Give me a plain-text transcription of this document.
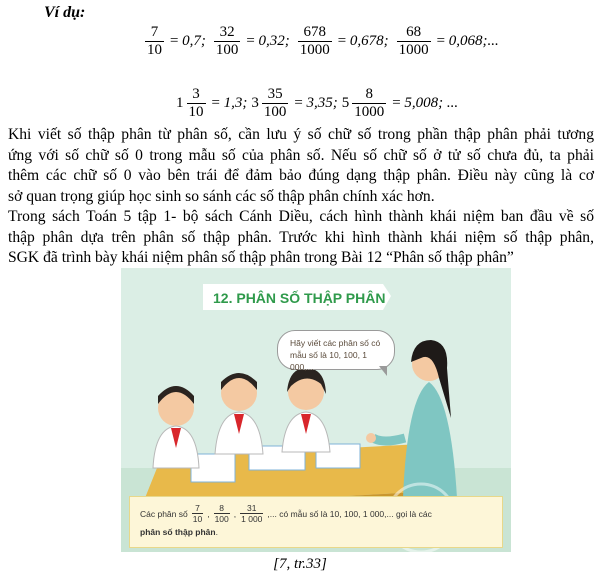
Ví dụ:
$\frac{7}{10} = 0,7$; $\frac{32}{100} = 0,32$; $\frac{678}{1000} = 0,678$; $\frac{68}{1000} = 0,068$;...
$1 \frac{3}{10} = 1,3$; $3 \frac{35}{100} = 3,35$; $5 \frac{8}{1000} = 5,008$; ...
Khi viết số thập phân từ phân số, cần lưu ý số chữ số trong phần thập phân phải tương
ứng với số chữ số 0 trong mẫu số của phân số. Nếu số chữ số ở tử số chưa đủ, ta phải
thêm các chữ số 0 vào bên trái để đảm bảo đúng dạng thập phân. Điều này cũng là cơ
sở quan trọng giúp học sinh so sánh các số thập phân chính xác hơn.
Trong sách Toán 5 tập 1- bộ sách Cánh Diều, cách hình thành khái niệm ban đầu về số
thập phân dựa trên phân số thập phân. Trước khi hình thành khái niệm số thập phân,
SGK đã trình bày khái niệm phân số thập phân trong Bài 12 “Phân số thập phân”
12. PHÂN SỐ THẬP PHÂN
Hãy viết các phân số có
mẫu số là 10, 100, 1 000,...
Các phân số
7
10
,
8
100
,
31
1 000
,... có mẫu số là 10, 100, 1 000,... gọi là các
phân số thập phân.
[7, tr.33]
